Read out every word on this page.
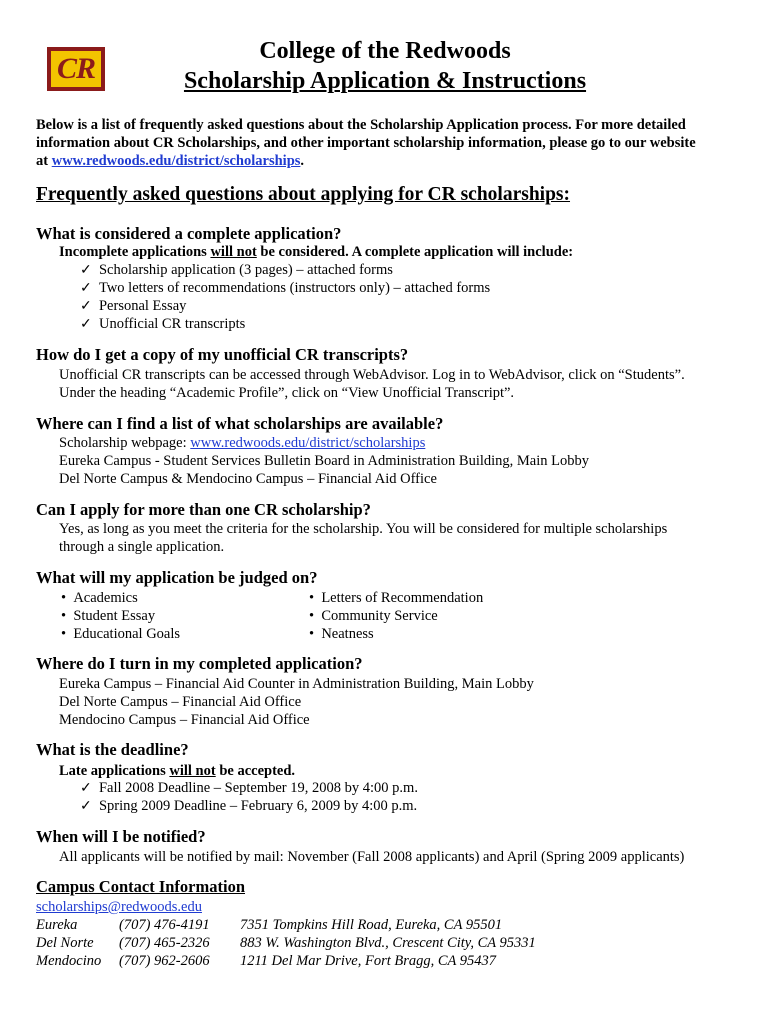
CR
College of the Redwoods
Scholarship Application & Instructions
Below is a list of frequently asked questions about the Scholarship Application process. For more detailed
information about CR Scholarships, and other important scholarship information, please go to our website
at www.redwoods.edu/district/scholarships.
Frequently asked questions about applying for CR scholarships:
What is considered a complete application?
Incomplete applications will not be considered. A complete application will include:
✓ Scholarship application (3 pages) – attached forms
✓ Two letters of recommendations (instructors only) – attached forms
✓ Personal Essay
✓ Unofficial CR transcripts
How do I get a copy of my unofficial CR transcripts?
Unofficial CR transcripts can be accessed through WebAdvisor. Log in to WebAdvisor, click on “Students”.
Under the heading “Academic Profile”, click on “View Unofficial Transcript”.
Where can I find a list of what scholarships are available?
Scholarship webpage: www.redwoods.edu/district/scholarships
Eureka Campus - Student Services Bulletin Board in Administration Building, Main Lobby
Del Norte Campus & Mendocino Campus – Financial Aid Office
Can I apply for more than one CR scholarship?
Yes, as long as you meet the criteria for the scholarship. You will be considered for multiple scholarships
through a single application.
What will my application be judged on?
• Academics
• Student Essay
• Educational Goals
• Letters of Recommendation
• Community Service
• Neatness
Where do I turn in my completed application?
Eureka Campus – Financial Aid Counter in Administration Building, Main Lobby
Del Norte Campus – Financial Aid Office
Mendocino Campus – Financial Aid Office
What is the deadline?
Late applications will not be accepted.
✓ Fall 2008 Deadline – September 19, 2008 by 4:00 p.m.
✓ Spring 2009 Deadline – February 6, 2009 by 4:00 p.m.
When will I be notified?
All applicants will be notified by mail: November (Fall 2008 applicants) and April (Spring 2009 applicants)
Campus Contact Information
scholarships@redwoods.edu
Eureka	(707) 476-4191 7351 Tompkins Hill Road, Eureka, CA 95501
Del Norte (707) 465-2326 883 W. Washington Blvd., Crescent City, CA 95331
Mendocino (707) 962-2606 1211 Del Mar Drive, Fort Bragg, CA 95437
